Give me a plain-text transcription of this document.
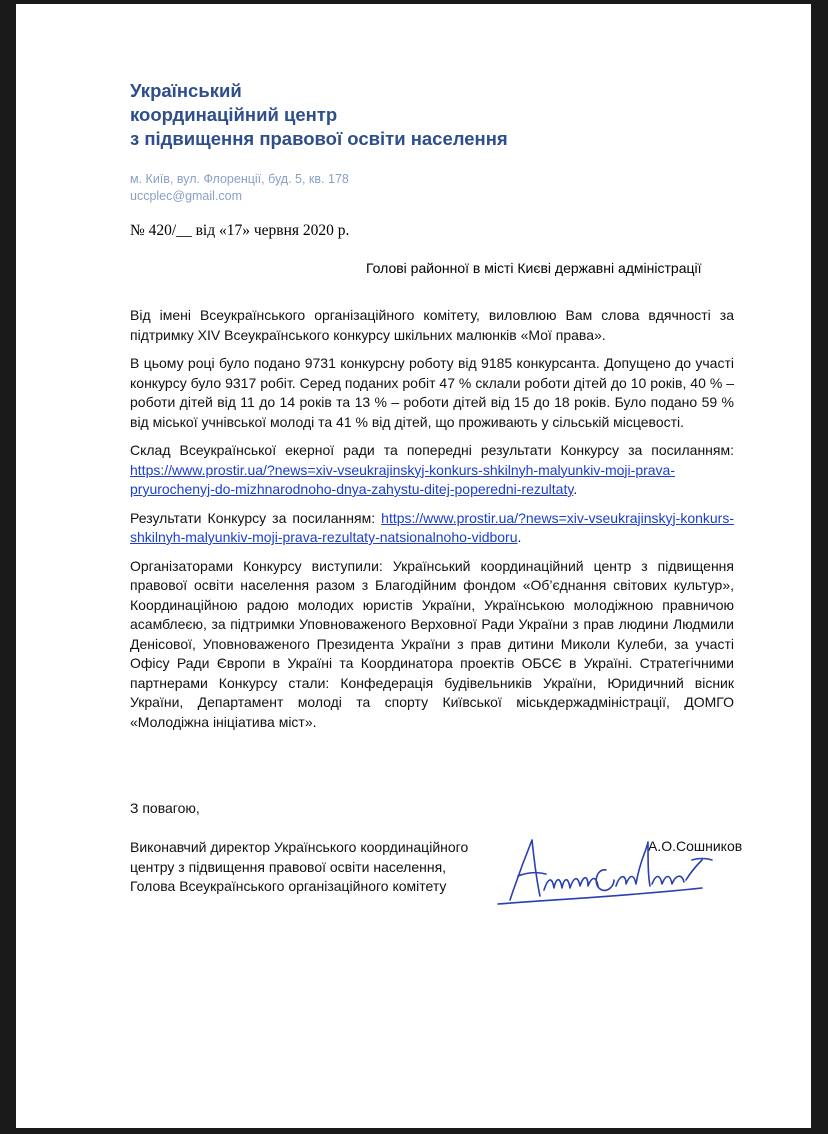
Український
координаційний центр
з підвищення правової освіти населення
м. Київ, вул. Флоренції, буд. 5, кв. 178
uccplec@gmail.com
№ 420/__ від «17» червня 2020 р.
Голові районної в місті Києві державні адміністрації

Від імені Всеукраїнського організаційного комітету, виловлюю Вам слова вдячності за підтримку XIV Всеукраїнського конкурсу шкільних малюнків «Мої права».

В цьому році було подано 9731 конкурсну роботу від 9185 конкурсанта. Допущено до участі конкурсу було 9317 робіт. Серед поданих робіт 47 % склали роботи дітей до 10 років, 40 % – роботи дітей від 11 до 14 років та 13 % – роботи дітей від 15 до 18 років. Було подано 59 % від міської учнівської молоді та 41 % від дітей, що проживають у сільській місцевості.

Склад Всеукраїнської екерної ради та попередні результати Конкурсу за посиланням: https://www.prostir.ua/?news=xiv-vseukrajinskyj-konkurs-shkilnyh-malyunkiv-moji-prava-pryurochenyj-do-mizhnarodnoho-dnya-zahystu-ditej-poperedni-rezultaty.

Результати Конкурсу за посиланням: https://www.prostir.ua/?news=xiv-vseukrajinskyj-konkurs-shkilnyh-malyunkiv-moji-prava-rezultaty-natsionalnoho-vidboru.

Організаторами Конкурсу виступили: Український координаційний центр з підвищення правової освіти населення разом з Благодійним фондом «Об’єднання світових культур», Координаційною радою молодих юристів України, Українською молодіжною правничою асамблеєю, за підтримки Уповноваженого Верховної Ради України з прав людини Людмили Денісової, Уповноваженого Президента України з прав дитини Миколи Кулеби, за участі Офісу Ради Європи в Україні та Координатора проектів ОБСЄ в Україні. Стратегічними партнерами Конкурсу стали: Конфедерація будівельників України, Юридичний вісник України, Департамент молоді та спорту Київської міськдержадміністрації, ДОМГО «Молодіжна ініціатива міст».

З повагою,
Виконавчий директор Українського координаційного
центру з підвищення правової освіти населення,
Голова Всеукраїнського організаційного комітету
А.О.Сошников
